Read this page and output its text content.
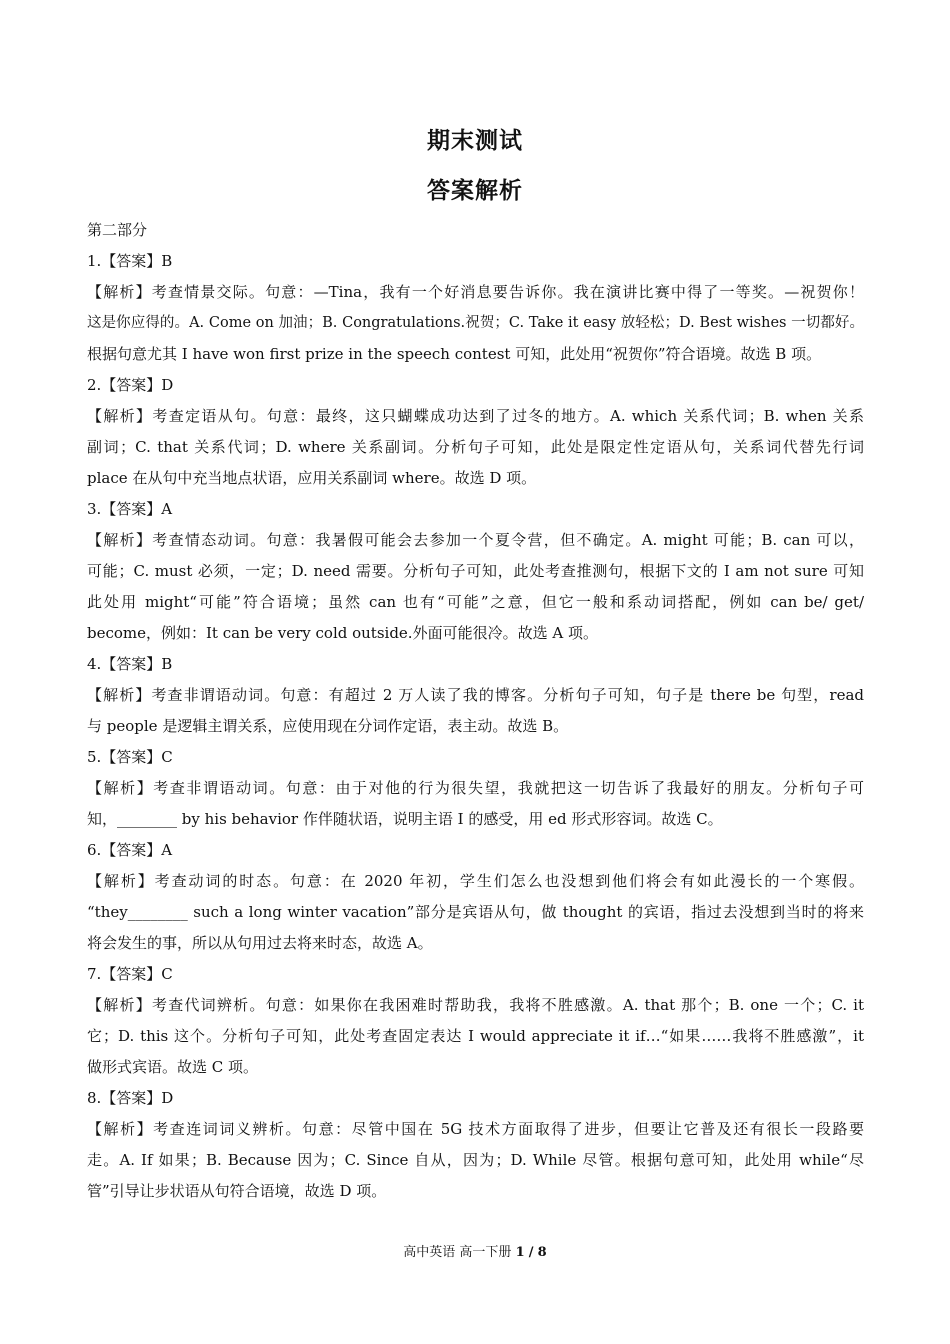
期末测试
答案解析
第二部分
1.【答案】B
【解析】考查情景交际。句意：—Tina，我有一个好消息要告诉你。我在演讲比赛中得了一等奖。—祝贺你！
这是你应得的。A. Come on 加油；B. Congratulations.祝贺；C. Take it easy 放轻松；D. Best wishes 一切都好。
根据句意尤其 I have won first prize in the speech contest 可知，此处用“祝贺你”符合语境。故选 B 项。
2.【答案】D
【解析】考查定语从句。句意：最终，这只蝴蝶成功达到了过冬的地方。A. which 关系代词；B. when 关系
副词；C. that 关系代词；D. where 关系副词。分析句子可知，此处是限定性定语从句，关系词代替先行词
place 在从句中充当地点状语，应用关系副词 where。故选 D 项。
3.【答案】A
【解析】考查情态动词。句意：我暑假可能会去参加一个夏令营，但不确定。A. might 可能；B. can 可以，
可能；C. must 必须，一定；D. need 需要。分析句子可知，此处考查推测句，根据下文的 I am not sure 可知
此处用 might“可能”符合语境；虽然 can 也有“可能”之意，但它一般和系动词搭配，例如 can be/ get/
become，例如：It can be very cold outside.外面可能很冷。故选 A 项。
4.【答案】B
【解析】考查非谓语动词。句意：有超过 2 万人读了我的博客。分析句子可知，句子是 there be 句型，read
与 people 是逻辑主谓关系，应使用现在分词作定语，表主动。故选 B。
5.【答案】C
【解析】考查非谓语动词。句意：由于对他的行为很失望，我就把这一切告诉了我最好的朋友。分析句子可
知，________ by his behavior 作伴随状语，说明主语 I 的感受，用 ed 形式形容词。故选 C。
6.【答案】A
【解析】考查动词的时态。句意：在 2020 年初，学生们怎么也没想到他们将会有如此漫长的一个寒假。
“they________ such a long winter vacation”部分是宾语从句，做 thought 的宾语，指过去没想到当时的将来
将会发生的事，所以从句用过去将来时态，故选 A。
7.【答案】C
【解析】考查代词辨析。句意：如果你在我困难时帮助我，我将不胜感激。A. that 那个；B. one 一个；C. it
它；D. this 这个。分析句子可知，此处考查固定表达 I would appreciate it if…“如果……我将不胜感激”，it
做形式宾语。故选 C 项。
8.【答案】D
【解析】考查连词词义辨析。句意：尽管中国在 5G 技术方面取得了进步，但要让它普及还有很长一段路要
走。A. If 如果；B. Because 因为；C. Since 自从，因为；D. While 尽管。根据句意可知，此处用 while“尽
管”引导让步状语从句符合语境，故选 D 项。
高中英语 高一下册 1 / 8
